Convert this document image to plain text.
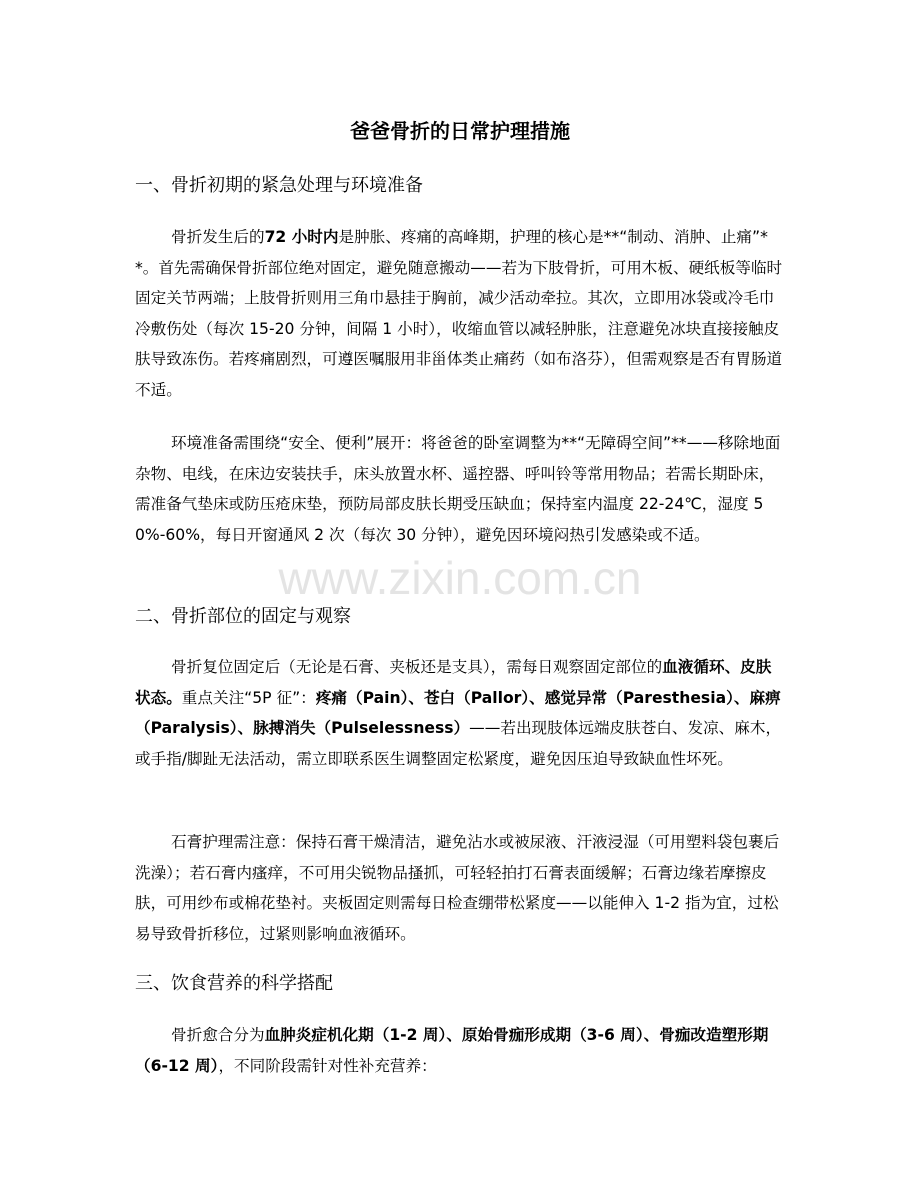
爸爸骨折的日常护理措施
一、骨折初期的紧急处理与环境准备
骨折发生后的72 小时内是肿胀、疼痛的高峰期，护理的核心是**“制动、消肿、止痛”**。首先需确保骨折部位绝对固定，避免随意搬动——若为下肢骨折，可用木板、硬纸板等临时固定关节两端；上肢骨折则用三角巾悬挂于胸前，减少活动牵拉。其次，立即用冰袋或冷毛巾冷敷伤处（每次 15-20 分钟，间隔 1 小时），收缩血管以减轻肿胀，注意避免冰块直接接触皮肤导致冻伤。若疼痛剧烈，可遵医嘱服用非甾体类止痛药（如布洛芬），但需观察是否有胃肠道不适。
环境准备需围绕“安全、便利”展开：将爸爸的卧室调整为**“无障碍空间”**——移除地面杂物、电线，在床边安装扶手，床头放置水杯、遥控器、呼叫铃等常用物品；若需长期卧床，需准备气垫床或防压疮床垫，预防局部皮肤长期受压缺血；保持室内温度 22-24℃，湿度 50%-60%，每日开窗通风 2 次（每次 30 分钟），避免因环境闷热引发感染或不适。
二、骨折部位的固定与观察
骨折复位固定后（无论是石膏、夹板还是支具），需每日观察固定部位的血液循环、皮肤状态。重点关注“5P 征”：疼痛（Pain）、苍白（Pallor）、感觉异常（Paresthesia）、麻痹（Paralysis）、脉搏消失（Pulselessness）——若出现肢体远端皮肤苍白、发凉、麻木，或手指/脚趾无法活动，需立即联系医生调整固定松紧度，避免因压迫导致缺血性坏死。
石膏护理需注意：保持石膏干燥清洁，避免沾水或被尿液、汗液浸湿（可用塑料袋包裹后洗澡）；若石膏内瘙痒，不可用尖锐物品搔抓，可轻轻拍打石膏表面缓解；石膏边缘若摩擦皮肤，可用纱布或棉花垫衬。夹板固定则需每日检查绷带松紧度——以能伸入 1-2 指为宜，过松易导致骨折移位，过紧则影响血液循环。
三、饮食营养的科学搭配
骨折愈合分为血肿炎症机化期（1-2 周）、原始骨痂形成期（3-6 周）、骨痂改造塑形期（6-12 周），不同阶段需针对性补充营养：
www.zixin.com.cn
